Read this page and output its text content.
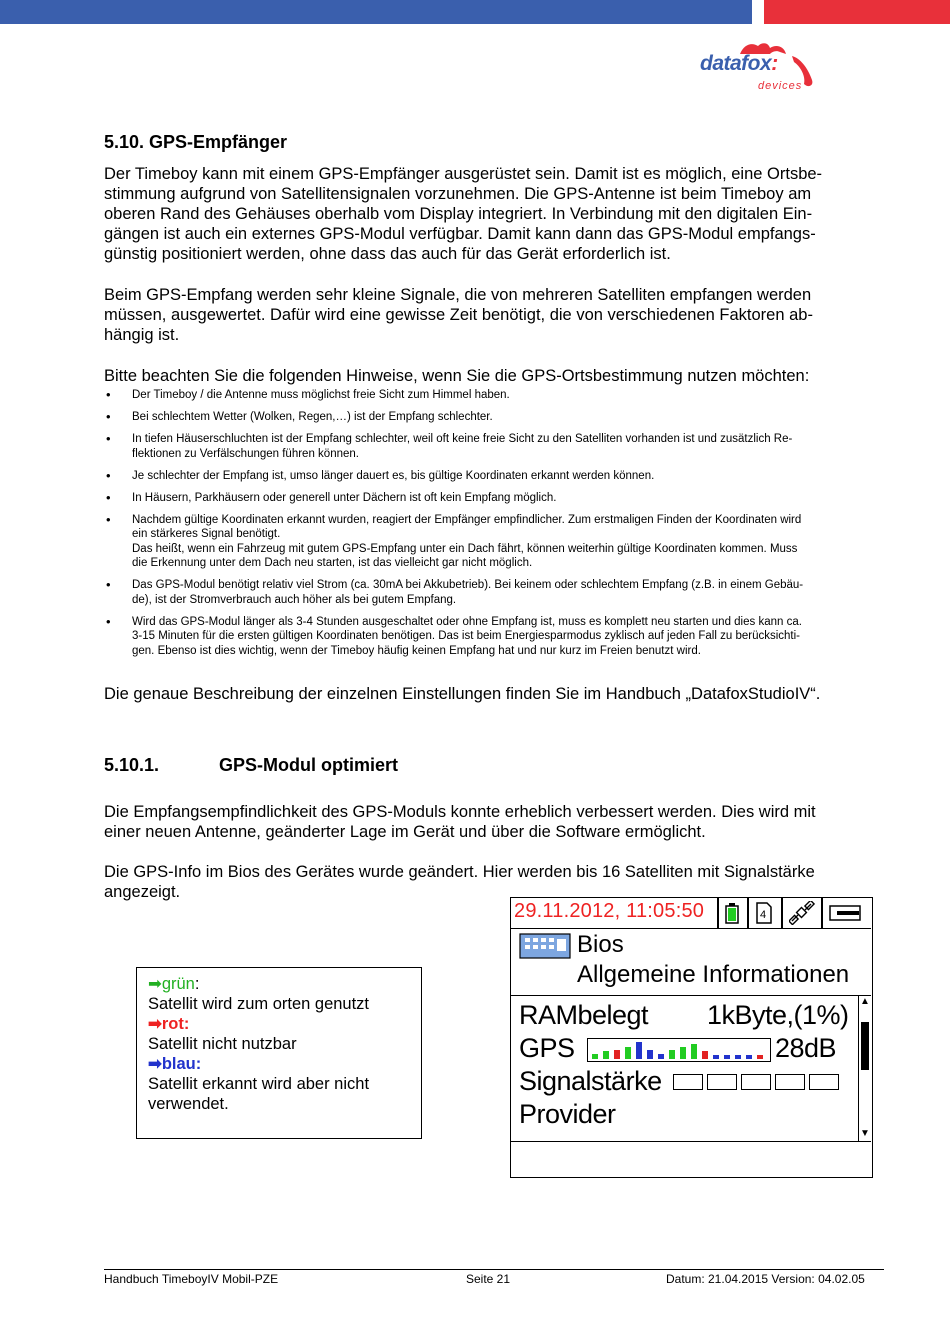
datafox:
devices
5.10. GPS-Empfänger
Der Timeboy kann mit einem GPS-Empfänger ausgerüstet sein. Damit ist es möglich, eine Ortsbe-
stimmung aufgrund von Satellitensignalen vorzunehmen. Die GPS-Antenne ist beim Timeboy am
oberen Rand des Gehäuses oberhalb vom Display integriert. In Verbindung mit den digitalen Ein-
gängen ist auch ein externes GPS-Modul verfügbar. Damit kann dann das GPS-Modul empfangs-
günstig positioniert werden, ohne dass das auch für das Gerät erforderlich ist.
Beim GPS-Empfang werden sehr kleine Signale, die von mehreren Satelliten empfangen werden
müssen, ausgewertet. Dafür wird eine gewisse Zeit benötigt, die von verschiedenen Faktoren ab-
hängig ist.
Bitte beachten Sie die folgenden Hinweise, wenn Sie die GPS-Ortsbestimmung nutzen möchten:
• Der Timeboy / die Antenne muss möglichst freie Sicht zum Himmel haben.
• Bei schlechtem Wetter (Wolken, Regen,…) ist der Empfang schlechter.
• In tiefen Häuserschluchten ist der Empfang schlechter, weil oft keine freie Sicht zu den Satelliten vorhanden ist und zusätzlich Re-
flektionen zu Verfälschungen führen können.
• Je schlechter der Empfang ist, umso länger dauert es, bis gültige Koordinaten erkannt werden können.
• In Häusern, Parkhäusern oder generell unter Dächern ist oft kein Empfang möglich.
• Nachdem gültige Koordinaten erkannt wurden, reagiert der Empfänger empfindlicher. Zum erstmaligen Finden der Koordinaten wird
ein stärkeres Signal benötigt.
Das heißt, wenn ein Fahrzeug mit gutem GPS-Empfang unter ein Dach fährt, können weiterhin gültige Koordinaten kommen. Muss
die Erkennung unter dem Dach neu starten, ist das vielleicht gar nicht möglich.
• Das GPS-Modul benötigt relativ viel Strom (ca. 30mA bei Akkubetrieb). Bei keinem oder schlechtem Empfang (z.B. in einem Gebäu-
de), ist der Stromverbrauch auch höher als bei gutem Empfang.
• Wird das GPS-Modul länger als 3-4 Stunden ausgeschaltet oder ohne Empfang ist, muss es komplett neu starten und dies kann ca.
3-15 Minuten für die ersten gültigen Koordinaten benötigen. Das ist beim Energiesparmodus zyklisch auf jeden Fall zu berücksichti-
gen. Ebenso ist dies wichtig, wenn der Timeboy häufig keinen Empfang hat und nur kurz im Freien benutzt wird.
Die genaue Beschreibung der einzelnen Einstellungen finden Sie im Handbuch „DatafoxStudioIV“.
5.10.1.	GPS-Modul optimiert
Die Empfangsempfindlichkeit des GPS-Moduls konnte erheblich verbessert werden. Dies wird mit
einer neuen Antenne, geänderter Lage im Gerät und über die Software ermöglicht.
Die GPS-Info im Bios des Gerätes wurde geändert. Hier werden bis 16 Satelliten mit Signalstärke
angezeigt.
➡grün:
Satellit wird zum orten genutzt
➡rot:
Satellit nicht nutzbar
➡blau:
Satellit erkannt wird aber nicht
verwendet.
29.11.2012, 11:05:50	4
Bios
Allgemeine Informationen
RAMbelegt 1kByte,(1%)
GPS	28dB
Signalstärke
Provider
▲
▼
Handbuch TimeboyIV Mobil-PZE	Seite 21	Datum: 21.04.2015 Version: 04.02.05
